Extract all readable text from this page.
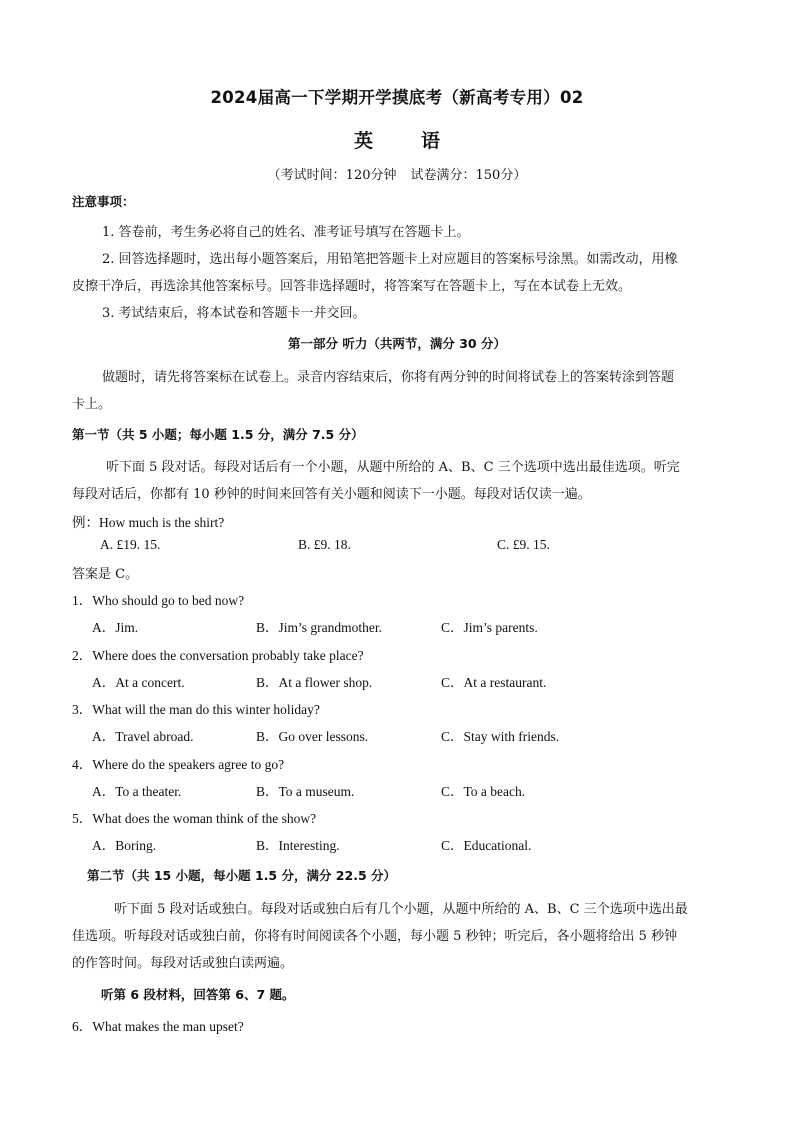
2024届高一下学期开学摸底考（新高考专用）02
英	语
（考试时间：120分钟 试卷满分：150分）
注意事项：
1. 答卷前，考生务必将自己的姓名、准考证号填写在答题卡上。
2. 回答选择题时，选出每小题答案后，用铅笔把答题卡上对应题目的答案标号涂黑。如需改动，用橡
皮擦干净后，再选涂其他答案标号。回答非选择题时，将答案写在答题卡上，写在本试卷上无效。
3. 考试结束后，将本试卷和答题卡一并交回。
第一部分 听力（共两节，满分 30 分）
做题时，请先将答案标在试卷上。录音内容结束后，你将有两分钟的时间将试卷上的答案转涂到答题
卡上。
第一节（共 5 小题；每小题 1.5 分，满分 7.5 分）
听下面 5 段对话。每段对话后有一个小题，从题中所给的 A、B、C 三个选项中选出最佳选项。听完
每段对话后，你都有 10 秒钟的时间来回答有关小题和阅读下一小题。每段对话仅读一遍。
例：How much is the shirt?
A. £19. 15.	B. £9. 18.	C. £9. 15.
答案是 C。
1．Who should go to bed now?
A．Jim.	B．Jim’s grandmother.	C．Jim’s parents.
2．Where does the conversation probably take place?
A．At a concert.	B．At a flower shop.	C．At a restaurant.
3．What will the man do this winter holiday?
A．Travel abroad.	B．Go over lessons.	C．Stay with friends.
4．Where do the speakers agree to go?
A．To a theater.	B．To a museum.	C．To a beach.
5．What does the woman think of the show?
A．Boring.	B．Interesting.	C．Educational.
第二节（共 15 小题，每小题 1.5 分，满分 22.5 分）
听下面 5 段对话或独白。每段对话或独白后有几个小题，从题中所给的 A、B、C 三个选项中选出最
佳选项。听每段对话或独白前，你将有时间阅读各个小题，每小题 5 秒钟；听完后，各小题将给出 5 秒钟
的作答时间。每段对话或独白读两遍。
听第 6 段材料，回答第 6、7 题。
6．What makes the man upset?
